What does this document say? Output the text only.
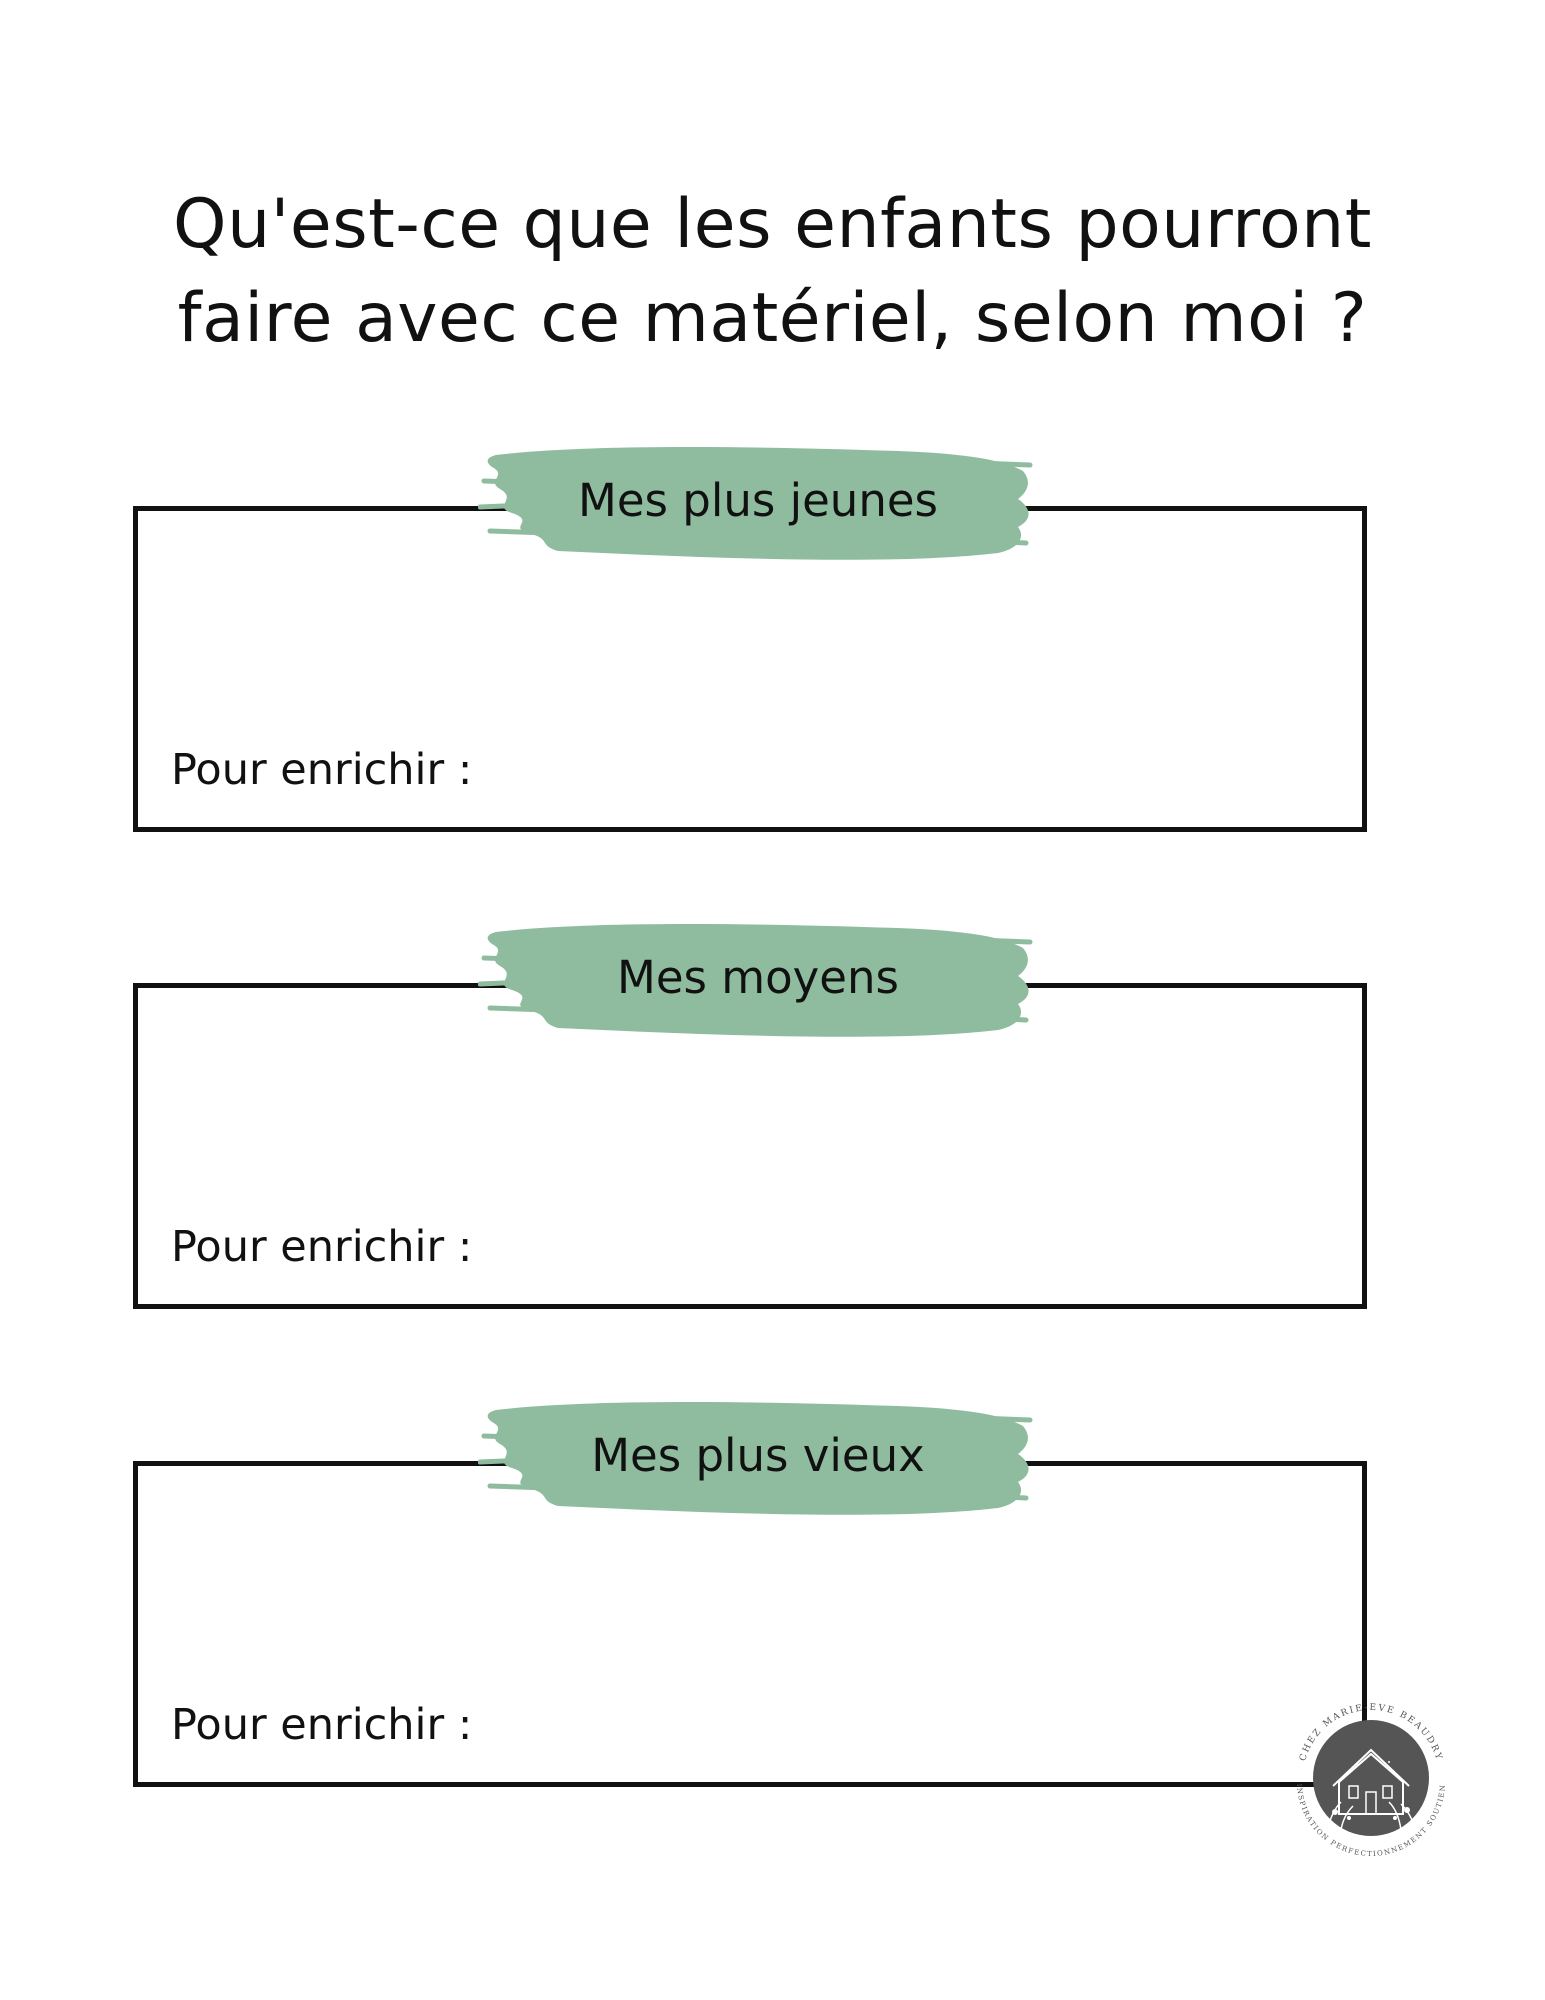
Qu'est-ce que les enfants pourront
faire avec ce matériel, selon moi ?
Mes plus jeunes
Pour enrichir :
Mes moyens
Pour enrichir :
Mes plus vieux
Pour enrichir :
CHEZ MARIE-EVE BEAUDRY
INSPIRATION PERFECTIONNEMENT SOUTIEN
